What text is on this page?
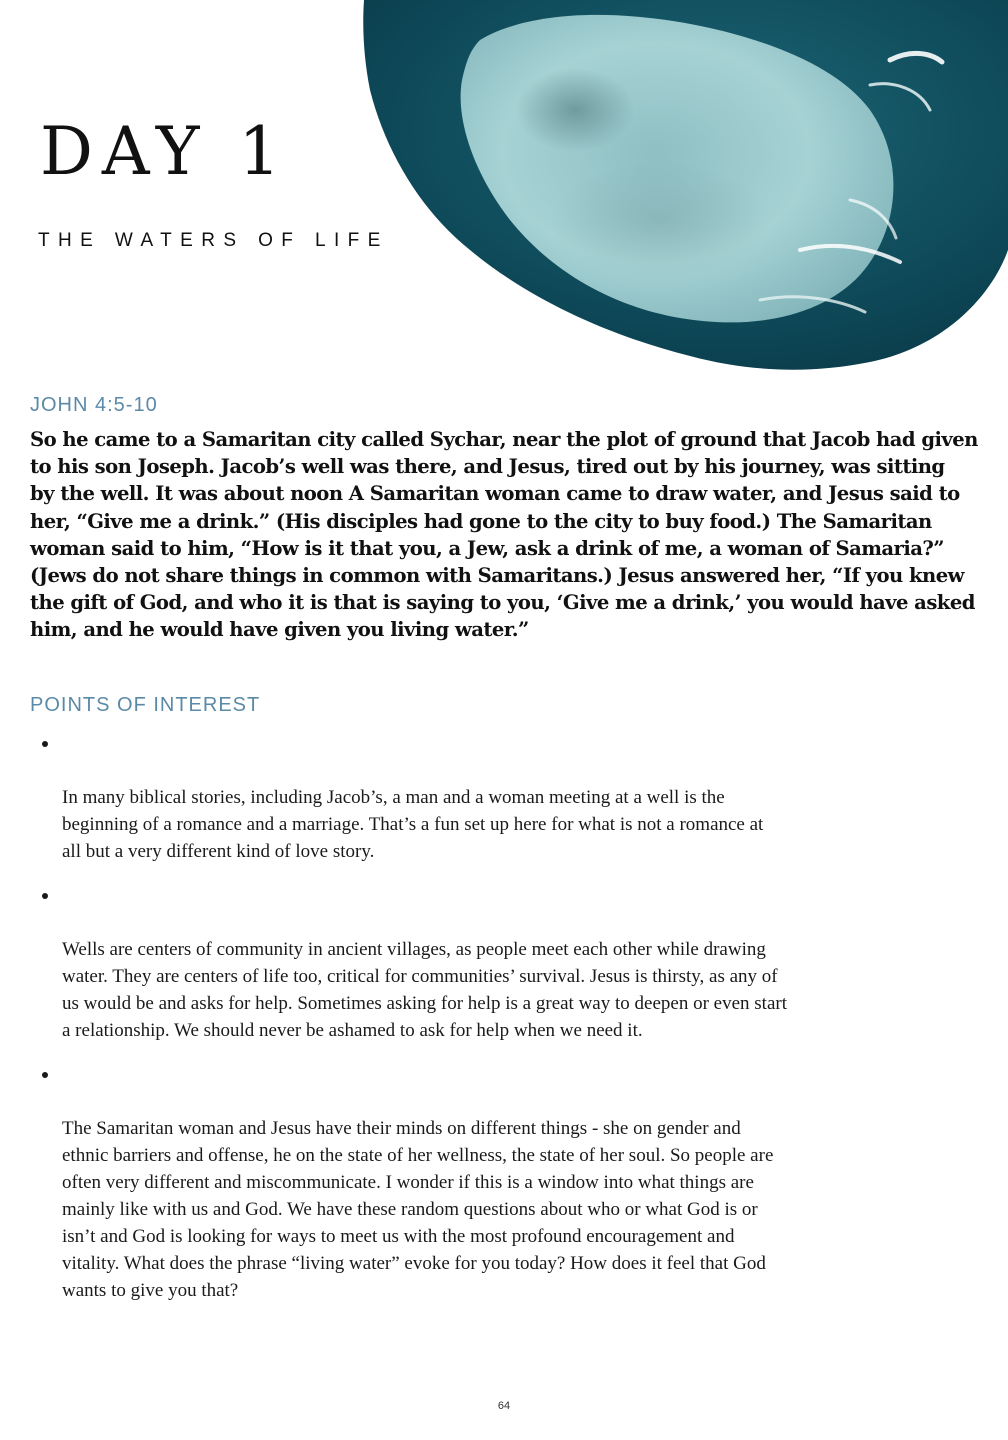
DAY 1

THE WATERS OF LIFE

JOHN 4:5-10

So he came to a Samaritan city called Sychar, near the plot of ground that Jacob had given
to his son Joseph. Jacob’s well was there, and Jesus, tired out by his journey, was sitting
by the well. It was about noon A Samaritan woman came to draw water, and Jesus said to
her, “Give me a drink.” (His disciples had gone to the city to buy food.) The Samaritan
woman said to him, “How is it that you, a Jew, ask a drink of me, a woman of Samaria?”
(Jews do not share things in common with Samaritans.) Jesus answered her, “If you knew
the gift of God, and who it is that is saying to you, ‘Give me a drink,’ you would have asked
him, and he would have given you living water.”

POINTS OF INTEREST

In many biblical stories, including Jacob’s, a man and a woman meeting at a well is the
beginning of a romance and a marriage. That’s a fun set up here for what is not a romance at
all but a very different kind of love story.

Wells are centers of community in ancient villages, as people meet each other while drawing
water. They are centers of life too, critical for communities’ survival. Jesus is thirsty, as any of
us would be and asks for help. Sometimes asking for help is a great way to deepen or even start
a relationship. We should never be ashamed to ask for help when we need it.

The Samaritan woman and Jesus have their minds on different things - she on gender and
ethnic barriers and offense, he on the state of her wellness, the state of her soul. So people are
often very different and miscommunicate. I wonder if this is a window into what things are
mainly like with us and God. We have these random questions about who or what God is or
isn’t and God is looking for ways to meet us with the most profound encouragement and
vitality. What does the phrase “living water” evoke for you today? How does it feel that God
wants to give you that?

64
